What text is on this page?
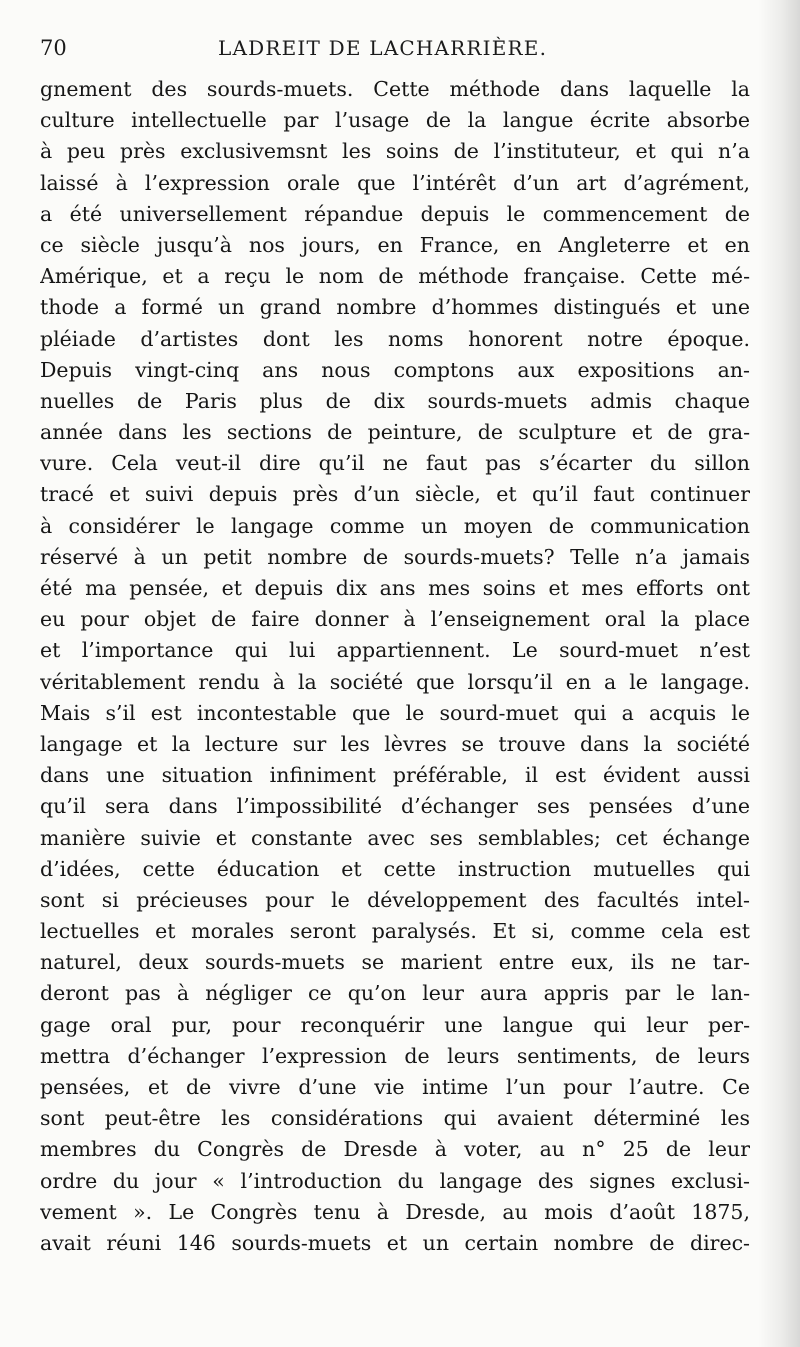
70	LADREIT DE LACHARRIÈRE.
gnement des sourds-muets. Cette méthode dans laquelle la
culture intellectuelle par l’usage de la langue écrite absorbe
à peu près exclusivemsnt les soins de l’instituteur, et qui n’a
laissé à l’expression orale que l’intérêt d’un art d’agrément,
a été universellement répandue depuis le commencement de
ce siècle jusqu’à nos jours, en France, en Angleterre et en
Amérique, et a reçu le nom de méthode française. Cette mé-
thode a formé un grand nombre d’hommes distingués et une
pléiade d’artistes dont les noms honorent notre époque.
Depuis vingt-cinq ans nous comptons aux expositions an-
nuelles de Paris plus de dix sourds-muets admis chaque
année dans les sections de peinture, de sculpture et de gra-
vure. Cela veut-il dire qu’il ne faut pas s’écarter du sillon
tracé et suivi depuis près d’un siècle, et qu’il faut continuer
à considérer le langage comme un moyen de communication
réservé à un petit nombre de sourds-muets? Telle n’a jamais
été ma pensée, et depuis dix ans mes soins et mes efforts ont
eu pour objet de faire donner à l’enseignement oral la place
et l’importance qui lui appartiennent. Le sourd-muet n’est
véritablement rendu à la société que lorsqu’il en a le langage.
Mais s’il est incontestable que le sourd-muet qui a acquis le
langage et la lecture sur les lèvres se trouve dans la société
dans une situation infiniment préférable, il est évident aussi
qu’il sera dans l’impossibilité d’échanger ses pensées d’une
manière suivie et constante avec ses semblables; cet échange
d’idées, cette éducation et cette instruction mutuelles qui
sont si précieuses pour le développement des facultés intel-
lectuelles et morales seront paralysés. Et si, comme cela est
naturel, deux sourds-muets se marient entre eux, ils ne tar-
deront pas à négliger ce qu’on leur aura appris par le lan-
gage oral pur, pour reconquérir une langue qui leur per-
mettra d’échanger l’expression de leurs sentiments, de leurs
pensées, et de vivre d’une vie intime l’un pour l’autre. Ce
sont peut-être les considérations qui avaient déterminé les
membres du Congrès de Dresde à voter, au n° 25 de leur
ordre du jour « l’introduction du langage des signes exclusi-
vement ». Le Congrès tenu à Dresde, au mois d’août 1875,
avait réuni 146 sourds-muets et un certain nombre de direc-
